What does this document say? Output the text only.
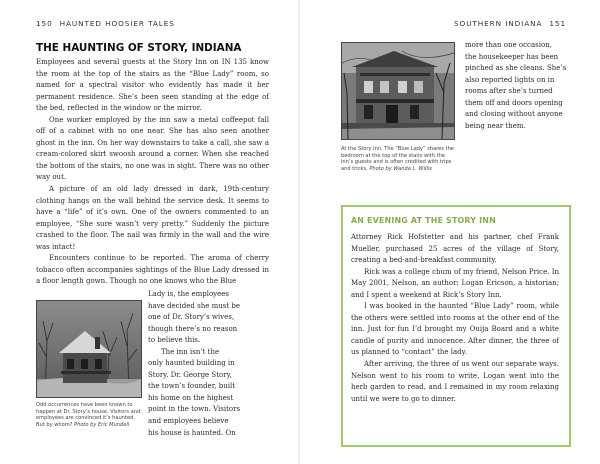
150 HAUNTED HOOSIER TALES
THE HAUNTING OF STORY, INDIANA

Employees and several guests at the Story Inn on IN 135 know the room at the top of the stairs as the “Blue Lady” room, so named for a spectral visitor who evidently has made it her permanent residence. She’s been seen standing at the edge of the bed, reflected in the window or the mirror.

One worker employed by the inn saw a metal coffeepot fall off of a cabinet with no one near. She has also seen another ghost in the inn. On her way downstairs to take a call, she saw a cream-colored skirt swoosh around a corner. When she reached the bottom of the stairs, no one was in sight. There was no other way out.

A picture of an old lady dressed in dark, 19th-century clothing hangs on the wall behind the service desk. It seems to have a “life” of it’s own. One of the owners commented to an employee, “She sure wasn’t very pretty.” Suddenly the picture crashed to the floor. The nail was firmly in the wall and the wire was intact!

Encounters continue to be reported. The aroma of cherry tobacco often accompanies sightings of the Blue Lady dressed in a floor length gown. Though no one knows who the Blue

Odd occurrences have been known to happen at Dr. Story’s house. Visitors and employees are convinced it’s haunted. But by whom? Photo by Eric Mundell

Lady is, the employees

have decided she must be

one of Dr. Story’s wives,

though there’s no reason

to believe this.

The inn isn’t the

only haunted building in

Story. Dr. George Story,

the town’s founder, built

his home on the highest

point in the town. Visitors

and employees believe

his house is haunted. On

SOUTHERN INDIANA 151
At the Story Inn, The “Blue Lady” shares the bedroom at the top of the stairs with the inn’s guests and is often credited with trips and tricks. Photo by Wanda L. Willis

more than one occasion,

the housekeeper has been

pinched as she cleans. She’s

also reported lights on in

rooms after she’s turned

them off and doors opening

and closing without anyone

being near them.

AN EVENING AT THE STORY INN

Attorney Rick Hofstetter and his partner, chef Frank Mueller, purchased 25 acres of the village of Story, creating a bed-and-breakfast community.

Rick was a college chum of my friend, Nelson Price. In May 2001, Nelson, an author; Logan Ericson, a historian; and I spent a weekend at Rick’s Story Inn.

I was booked in the haunted “Blue Lady” room, while the others were settled into rooms at the other end of the inn. Just for fun I’d brought my Ouija Board and a white candle of purity and innocence. After dinner, the three of us planned to “contact” the lady.

After arriving, the three of us went our separate ways. Nelson went to his room to write, Logan went into the herb garden to read, and I remained in my room relaxing until we were to go to dinner.
